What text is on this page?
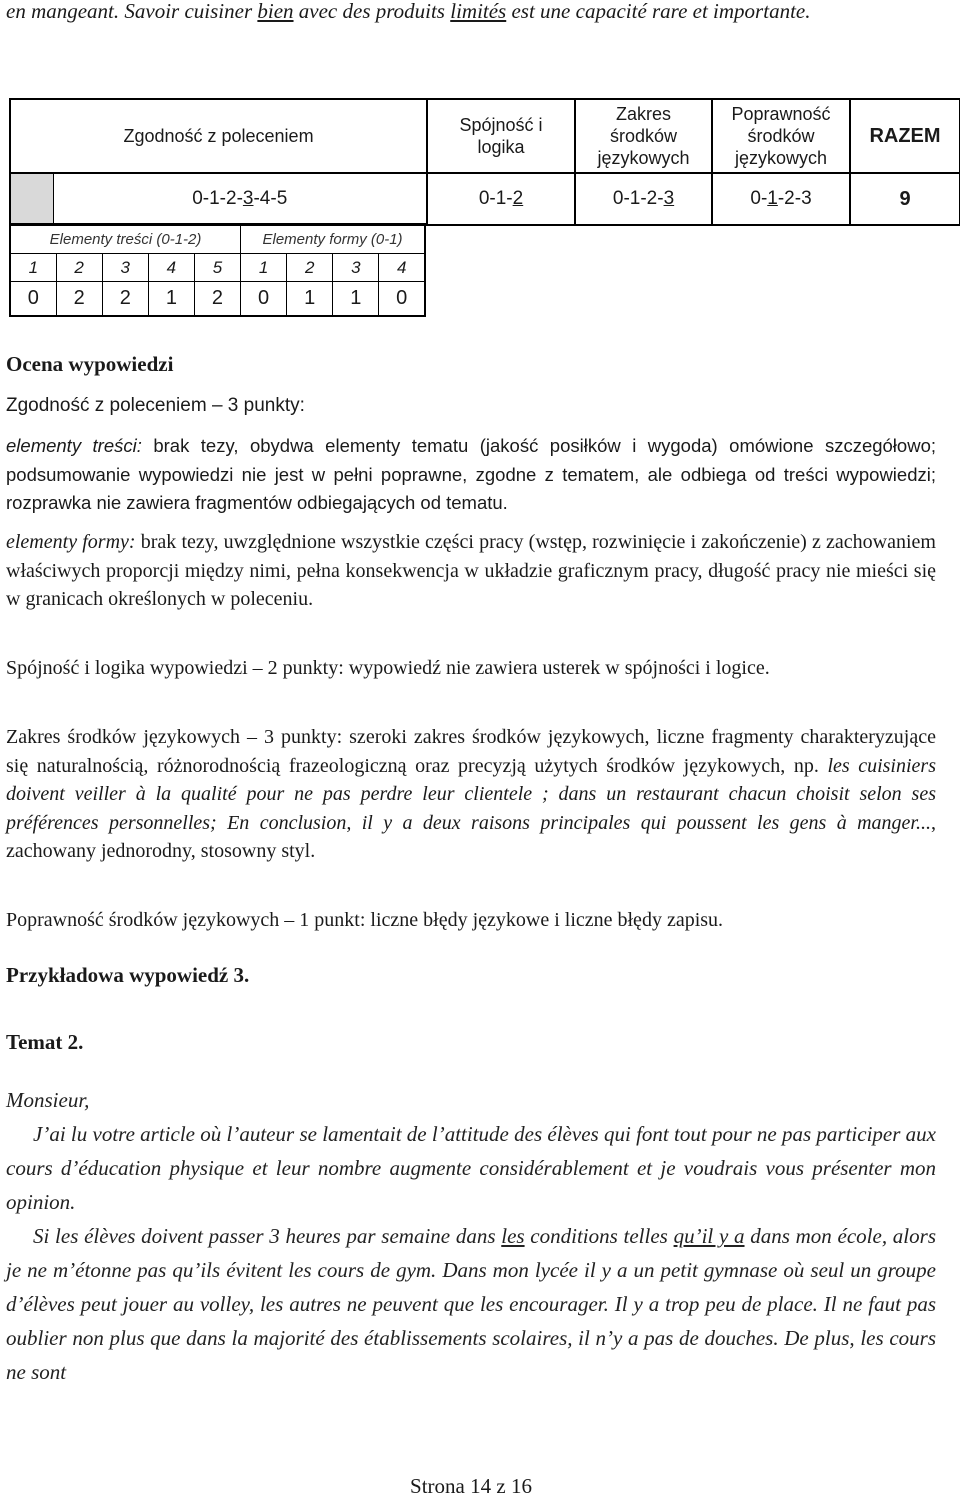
en mangeant. Savoir cuisiner bien avec des produits limités est une capacité rare et importante.
Zgodność z poleceniem		Spójność i logika	Zakres środków językowych	Poprawność środków językowych	RAZEM
	0-1-2-3-4-5	0-1-2	0-1-2-3	0-1-2-3	9
Elementy treści (0-1-2)					Elementy formy (0-1)			
1	2	3	4	5	1	2	3	4
0	2	2	1	2	0	1	1	0
Ocena wypowiedzi
Zgodność z poleceniem – 3 punkty:
elementy treści: brak tezy, obydwa elementy tematu (jakość posiłków i wygoda) omówione szczegółowo; podsumowanie wypowiedzi nie jest w pełni poprawne, zgodne z tematem, ale odbiega od treści wypowiedzi; rozprawka nie zawiera fragmentów odbiegających od tematu.
elementy formy: brak tezy, uwzględnione wszystkie części pracy (wstęp, rozwinięcie i zakończenie) z zachowaniem właściwych proporcji między nimi, pełna konsekwencja w układzie graficznym pracy, długość pracy nie mieści się w granicach określonych w poleceniu.
Spójność i logika wypowiedzi – 2 punkty: wypowiedź nie zawiera usterek w spójności i logice.
Zakres środków językowych – 3 punkty: szeroki zakres środków językowych, liczne fragmenty charakteryzujące się naturalnością, różnorodnością frazeologiczną oraz precyzją użytych środków językowych, np. les cuisiniers doivent veiller à la qualité pour ne pas perdre leur clientele ; dans un restaurant chacun choisit selon ses préférences personnelles; En conclusion, il y a deux raisons principales qui poussent les gens à manger..., zachowany jednorodny, stosowny styl.
Poprawność środków językowych – 1 punkt: liczne błędy językowe i liczne błędy zapisu.
Przykładowa wypowiedź 3.
Temat 2.

Monsieur,

J’ai lu votre article où l’auteur se lamentait de l’attitude des élèves qui font tout pour ne pas participer aux cours d’éducation physique et leur nombre augmente considérablement et je voudrais vous présenter mon opinion.

Si les élèves doivent passer 3 heures par semaine dans les conditions telles qu’il y a dans mon école, alors je ne m’étonne pas qu’ils évitent les cours de gym. Dans mon lycée il y a un petit gymnase où seul un groupe d’élèves peut jouer au volley, les autres ne peuvent que les encourager. Il y a trop peu de place. Il ne faut pas oublier non plus que dans la majorité des établissements scolaires, il n’y a pas de douches. De plus, les cours ne sont

Strona 14 z 16
